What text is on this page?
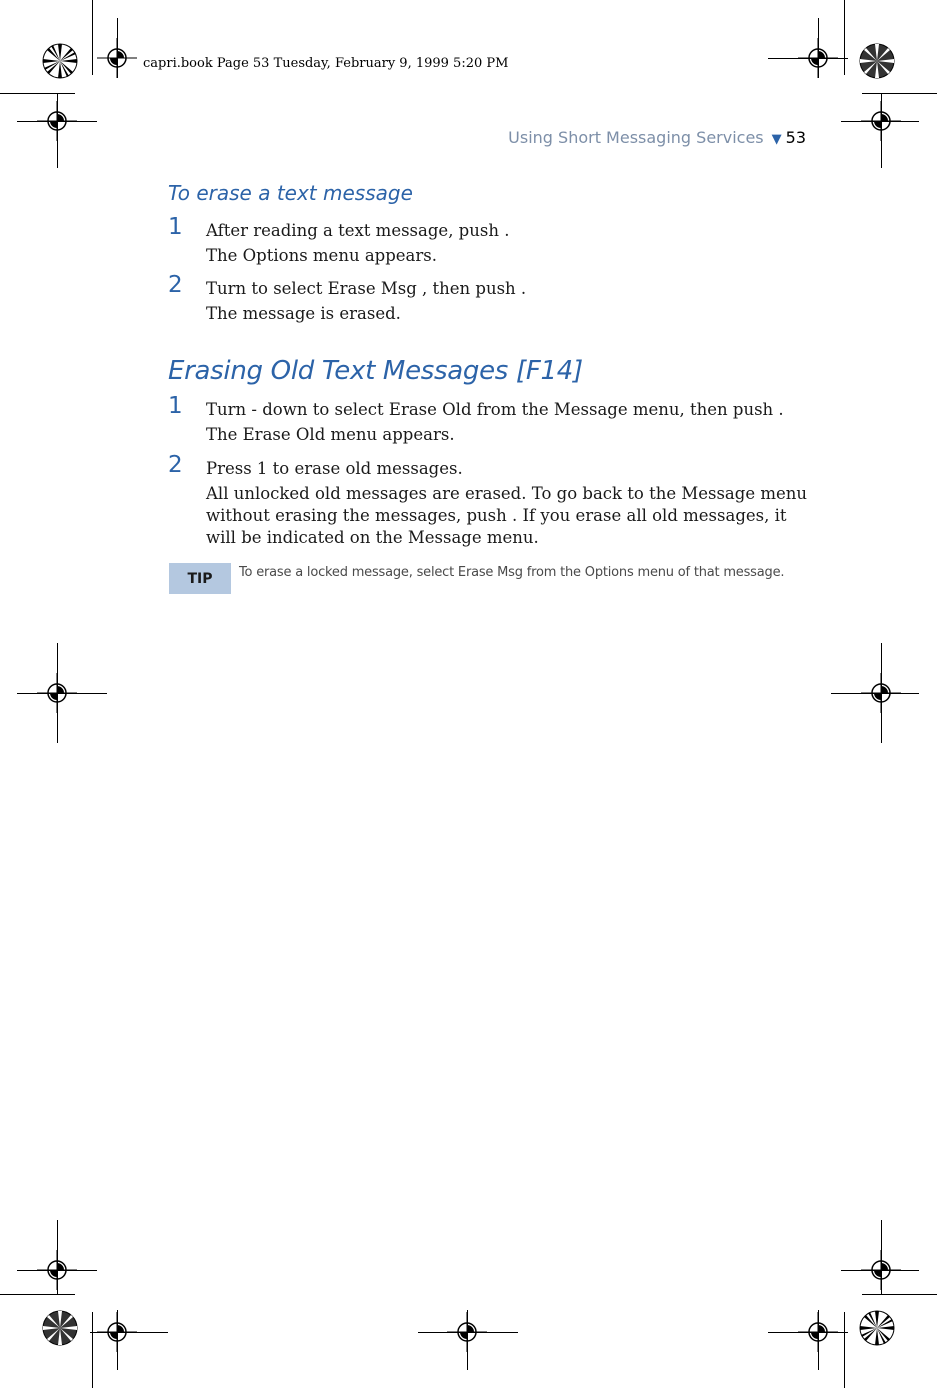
capri.book Page 53 Tuesday, February 9, 1999 5:20 PM
Using Short Messaging Services ▼ 53
To erase a text message
1 After reading a text message, push .
The Options menu appears.
2 Turn to select Erase Msg , then push .
The message is erased.
Erasing Old Text Messages [F14]
1 Turn - down to select Erase Old from the Message menu, then push .
The Erase Old menu appears.
2 Press 1 to erase old messages.
All unlocked old messages are erased. To go back to the Message menu without erasing the messages, push . If you erase all old messages, it will be indicated on the Message menu.
TIP	To erase a locked message, select Erase Msg from the Options menu of that message.
